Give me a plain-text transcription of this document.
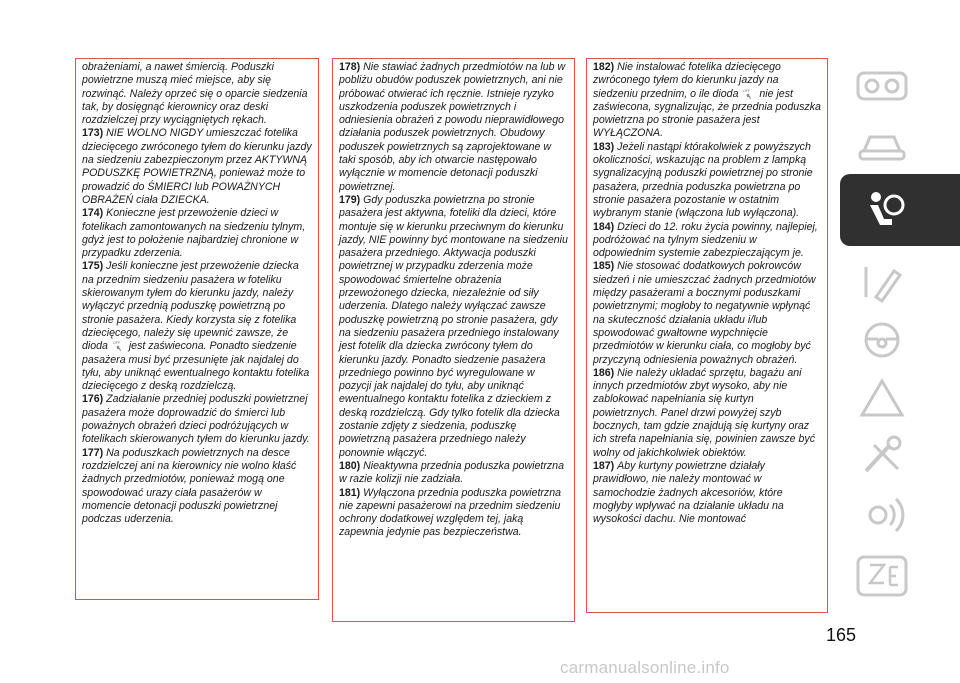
obrażeniami, a nawet śmiercią. Poduszki powietrzne muszą mieć miejsce, aby się rozwinąć. Należy oprzeć się o oparcie siedzenia tak, by dosięgnąć kierownicy oraz deski rozdzielczej przy wyciągniętych rękach.

173) NIE WOLNO NIGDY umieszczać fotelika dziecięcego zwróconego tyłem do kierunku jazdy na siedzeniu zabezpieczonym przez AKTYWNĄ PODUSZKĘ POWIETRZNĄ, ponieważ może to prowadzić do ŚMIERCI lub POWAŻNYCH OBRAŻEŃ ciała DZIECKA.

174) Konieczne jest przewożenie dzieci w fotelikach zamontowanych na siedzeniu tylnym, gdyż jest to położenie najbardziej chronione w przypadku zderzenia.

175) Jeśli konieczne jest przewożenie dziecka na przednim siedzeniu pasażera w foteliku skierowanym tyłem do kierunku jazdy, należy wyłączyć przednią poduszkę powietrzną po stronie pasażera. Kiedy korzysta się z fotelika dziecięcego, należy się upewnić zawsze, że dioda OFF jest zaświecona. Ponadto siedzenie pasażera musi być przesunięte jak najdalej do tyłu, aby uniknąć ewentualnego kontaktu fotelika dziecięcego z deską rozdzielczą.

176) Zadziałanie przedniej poduszki powietrznej pasażera może doprowadzić do śmierci lub poważnych obrażeń dzieci podróżujących w fotelikach skierowanych tyłem do kierunku jazdy.

177) Na poduszkach powietrznych na desce rozdzielczej ani na kierownicy nie wolno kłaść żadnych przedmiotów, ponieważ mogą one spowodować urazy ciała pasażerów w momencie detonacji poduszki powietrznej podczas uderzenia.

178) Nie stawiać żadnych przedmiotów na lub w pobliżu obudów poduszek powietrznych, ani nie próbować otwierać ich ręcznie. Istnieje ryzyko uszkodzenia poduszek powietrznych i odniesienia obrażeń z powodu nieprawidłowego działania poduszek powietrznych. Obudowy poduszek powietrznych są zaprojektowane w taki sposób, aby ich otwarcie następowało wyłącznie w momencie detonacji poduszki powietrznej.

179) Gdy poduszka powietrzna po stronie pasażera jest aktywna, foteliki dla dzieci, które montuje się w kierunku przeciwnym do kierunku jazdy, NIE powinny być montowane na siedzeniu pasażera przedniego. Aktywacja poduszki powietrznej w przypadku zderzenia może spowodować śmiertelne obrażenia przewożonego dziecka, niezależnie od siły uderzenia. Dlatego należy wyłączać zawsze poduszkę powietrzną po stronie pasażera, gdy na siedzeniu pasażera przedniego instalowany jest fotelik dla dziecka zwrócony tyłem do kierunku jazdy. Ponadto siedzenie pasażera przedniego powinno być wyregulowane w pozycji jak najdalej do tyłu, aby uniknąć ewentualnego kontaktu fotelika z dzieckiem z deską rozdzielczą. Gdy tylko fotelik dla dziecka zostanie zdjęty z siedzenia, poduszkę powietrzną pasażera przedniego należy ponownie włączyć.

180) Nieaktywna przednia poduszka powietrzna w razie kolizji nie zadziała.

181) Wyłączona przednia poduszka powietrzna nie zapewni pasażerowi na przednim siedzeniu ochrony dodatkowej względem tej, jaką zapewnia jedynie pas bezpieczeństwa.

182) Nie instalować fotelika dziecięcego zwróconego tyłem do kierunku jazdy na siedzeniu przednim, o ile dioda OFF nie jest zaświecona, sygnalizując, że przednia poduszka powietrzna po stronie pasażera jest WYŁĄCZONA.

183) Jeżeli nastąpi którakolwiek z powyższych okoliczności, wskazując na problem z lampką sygnalizacyjną poduszki powietrznej po stronie pasażera, przednia poduszka powietrzna po stronie pasażera pozostanie w ostatnim wybranym stanie (włączona lub wyłączona).

184) Dzieci do 12. roku życia powinny, najlepiej, podróżować na tylnym siedzeniu w odpowiednim systemie zabezpieczającym je.

185) Nie stosować dodatkowych pokrowców siedzeń i nie umieszczać żadnych przedmiotów między pasażerami a bocznymi poduszkami powietrznymi; mogłoby to negatywnie wpłynąć na skuteczność działania układu i/lub spowodować gwałtowne wypchnięcie przedmiotów w kierunku ciała, co mogłoby być przyczyną odniesienia poważnych obrażeń.

186) Nie należy układać sprzętu, bagażu ani innych przedmiotów zbyt wysoko, aby nie zablokować napełniania się kurtyn powietrznych. Panel drzwi powyżej szyb bocznych, tam gdzie znajdują się kurtyny oraz ich strefa napełniania się, powinien zawsze być wolny od jakichkolwiek obiektów.

187) Aby kurtyny powietrzne działały prawidłowo, nie należy montować w samochodzie żadnych akcesoriów, które mogłyby wpływać na działanie układu na wysokości dachu. Nie montować

165
carmanualsonline.info
